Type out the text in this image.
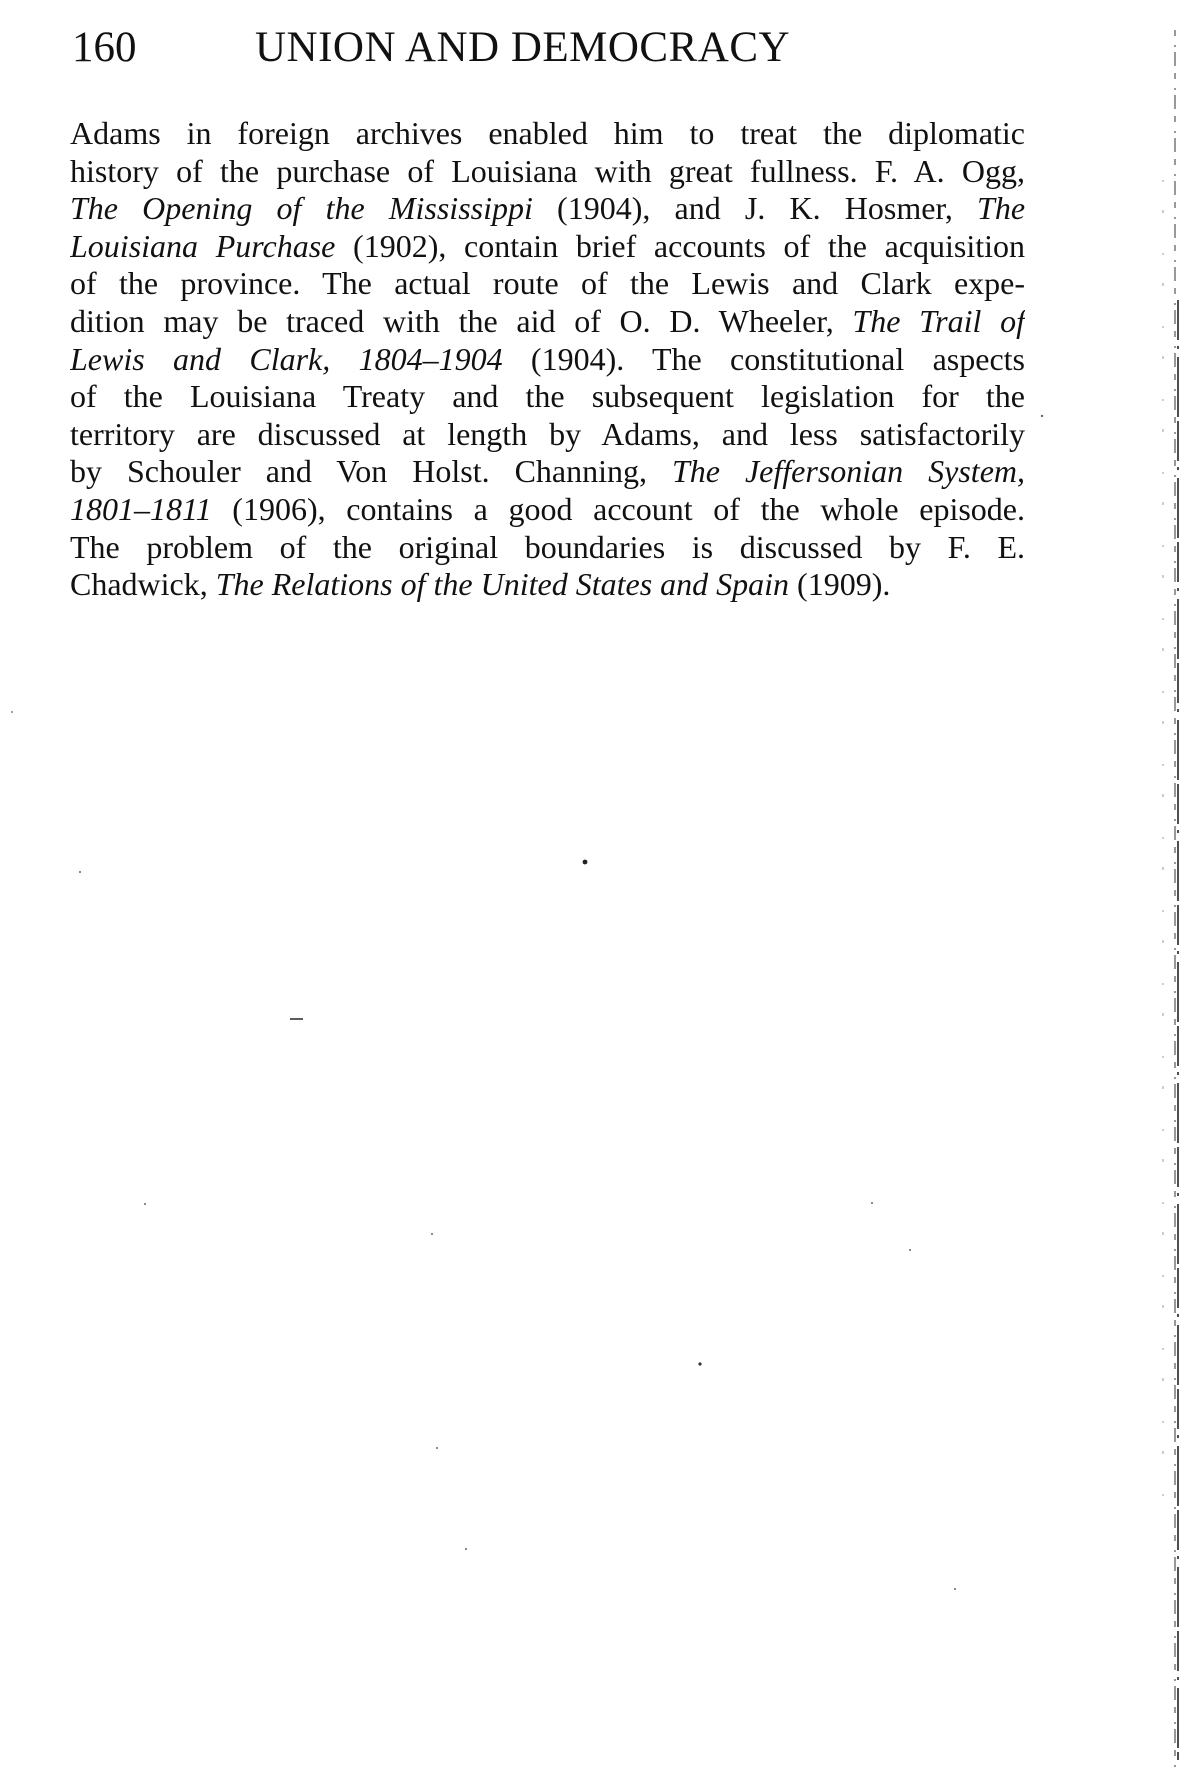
160	UNION AND DEMOCRACY
Adams in foreign archives enabled him to treat the diplomatic
history of the purchase of Louisiana with great fullness. F. A. Ogg,
The Opening of the Mississippi (1904), and J. K. Hosmer, The
Louisiana Purchase (1902), contain brief accounts of the acquisition
of the province. The actual route of the Lewis and Clark expe-
dition may be traced with the aid of O. D. Wheeler, The Trail of
Lewis and Clark, 1804–1904 (1904). The constitutional aspects
of the Louisiana Treaty and the subsequent legislation for the
territory are discussed at length by Adams, and less satisfactorily
by Schouler and Von Holst. Channing, The Jeffersonian System,
1801–1811 (1906), contains a good account of the whole episode.
The problem of the original boundaries is discussed by F. E.
Chadwick, The Relations of the United States and Spain (1909).
